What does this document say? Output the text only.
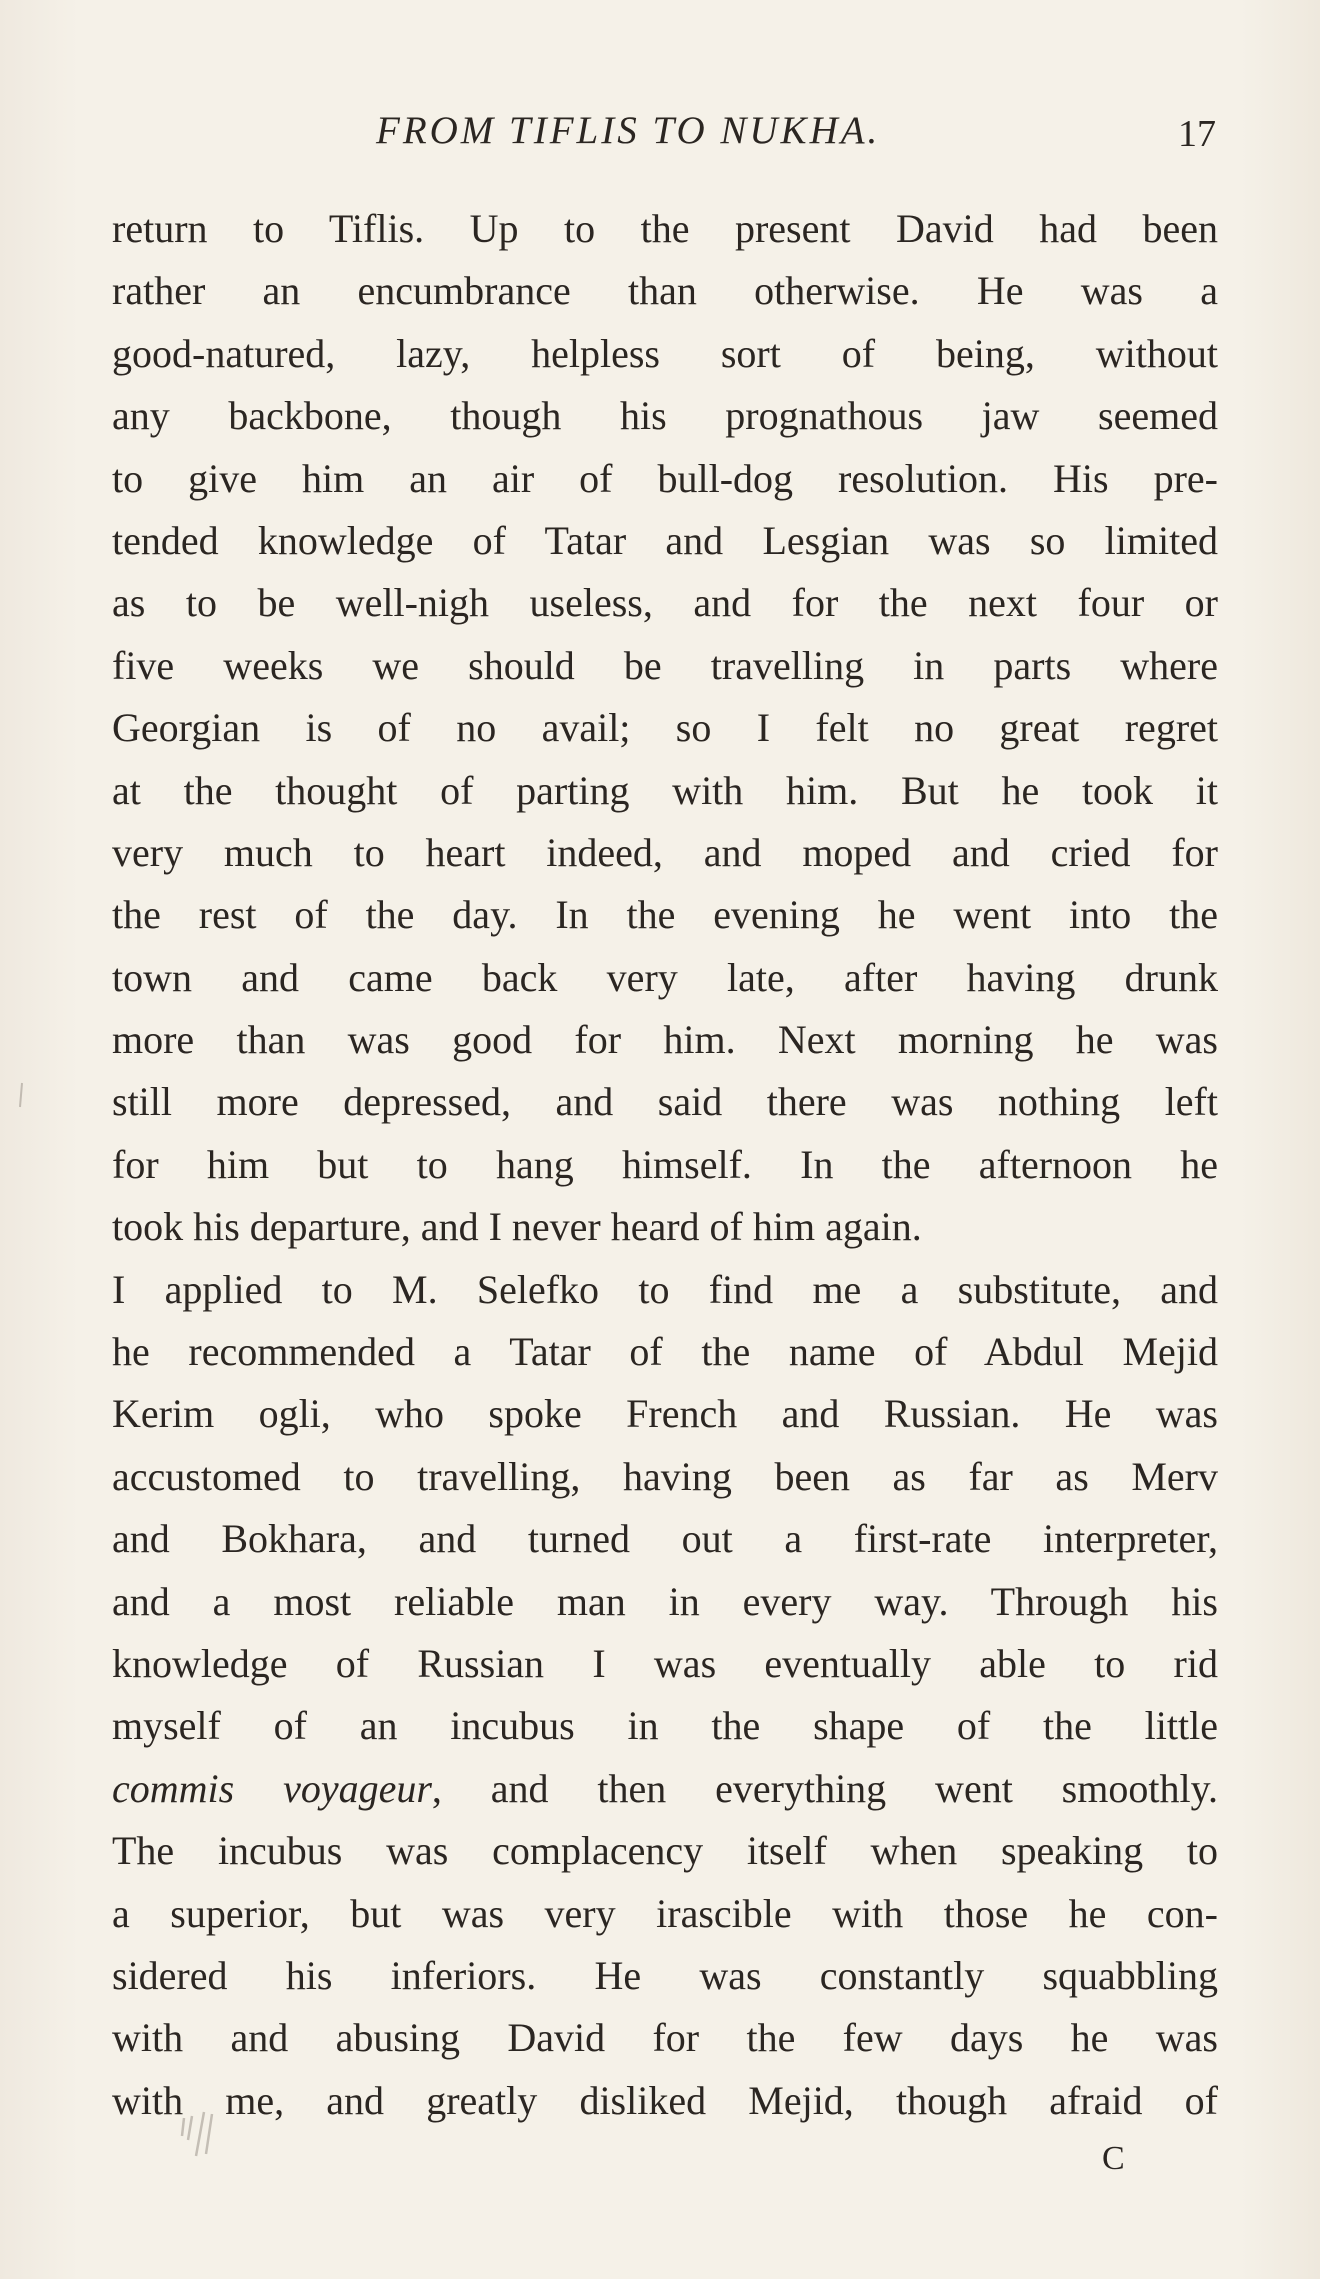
FROM TIFLIS TO NUKHA.	17
return to Tiflis. Up to the present David had been
rather an encumbrance than otherwise. He was a
good-natured, lazy, helpless sort of being, without
any backbone, though his prognathous jaw seemed
to give him an air of bull-dog resolution. His pre-
tended knowledge of Tatar and Lesgian was so limited
as to be well-nigh useless, and for the next four or
five weeks we should be travelling in parts where
Georgian is of no avail; so I felt no great regret
at the thought of parting with him. But he took it
very much to heart indeed, and moped and cried for
the rest of the day. In the evening he went into the
town and came back very late, after having drunk
more than was good for him. Next morning he was
still more depressed, and said there was nothing left
for him but to hang himself. In the afternoon he
took his departure, and I never heard of him again.
I applied to M. Selefko to find me a substitute, and
he recommended a Tatar of the name of Abdul Mejid
Kerim ogli, who spoke French and Russian. He was
accustomed to travelling, having been as far as Merv
and Bokhara, and turned out a first-rate interpreter,
and a most reliable man in every way. Through his
knowledge of Russian I was eventually able to rid
myself of an incubus in the shape of the little
commis voyageur, and then everything went smoothly.
The incubus was complacency itself when speaking to
a superior, but was very irascible with those he con-
sidered his inferiors. He was constantly squabbling
with and abusing David for the few days he was
with me, and greatly disliked Mejid, though afraid of
C
